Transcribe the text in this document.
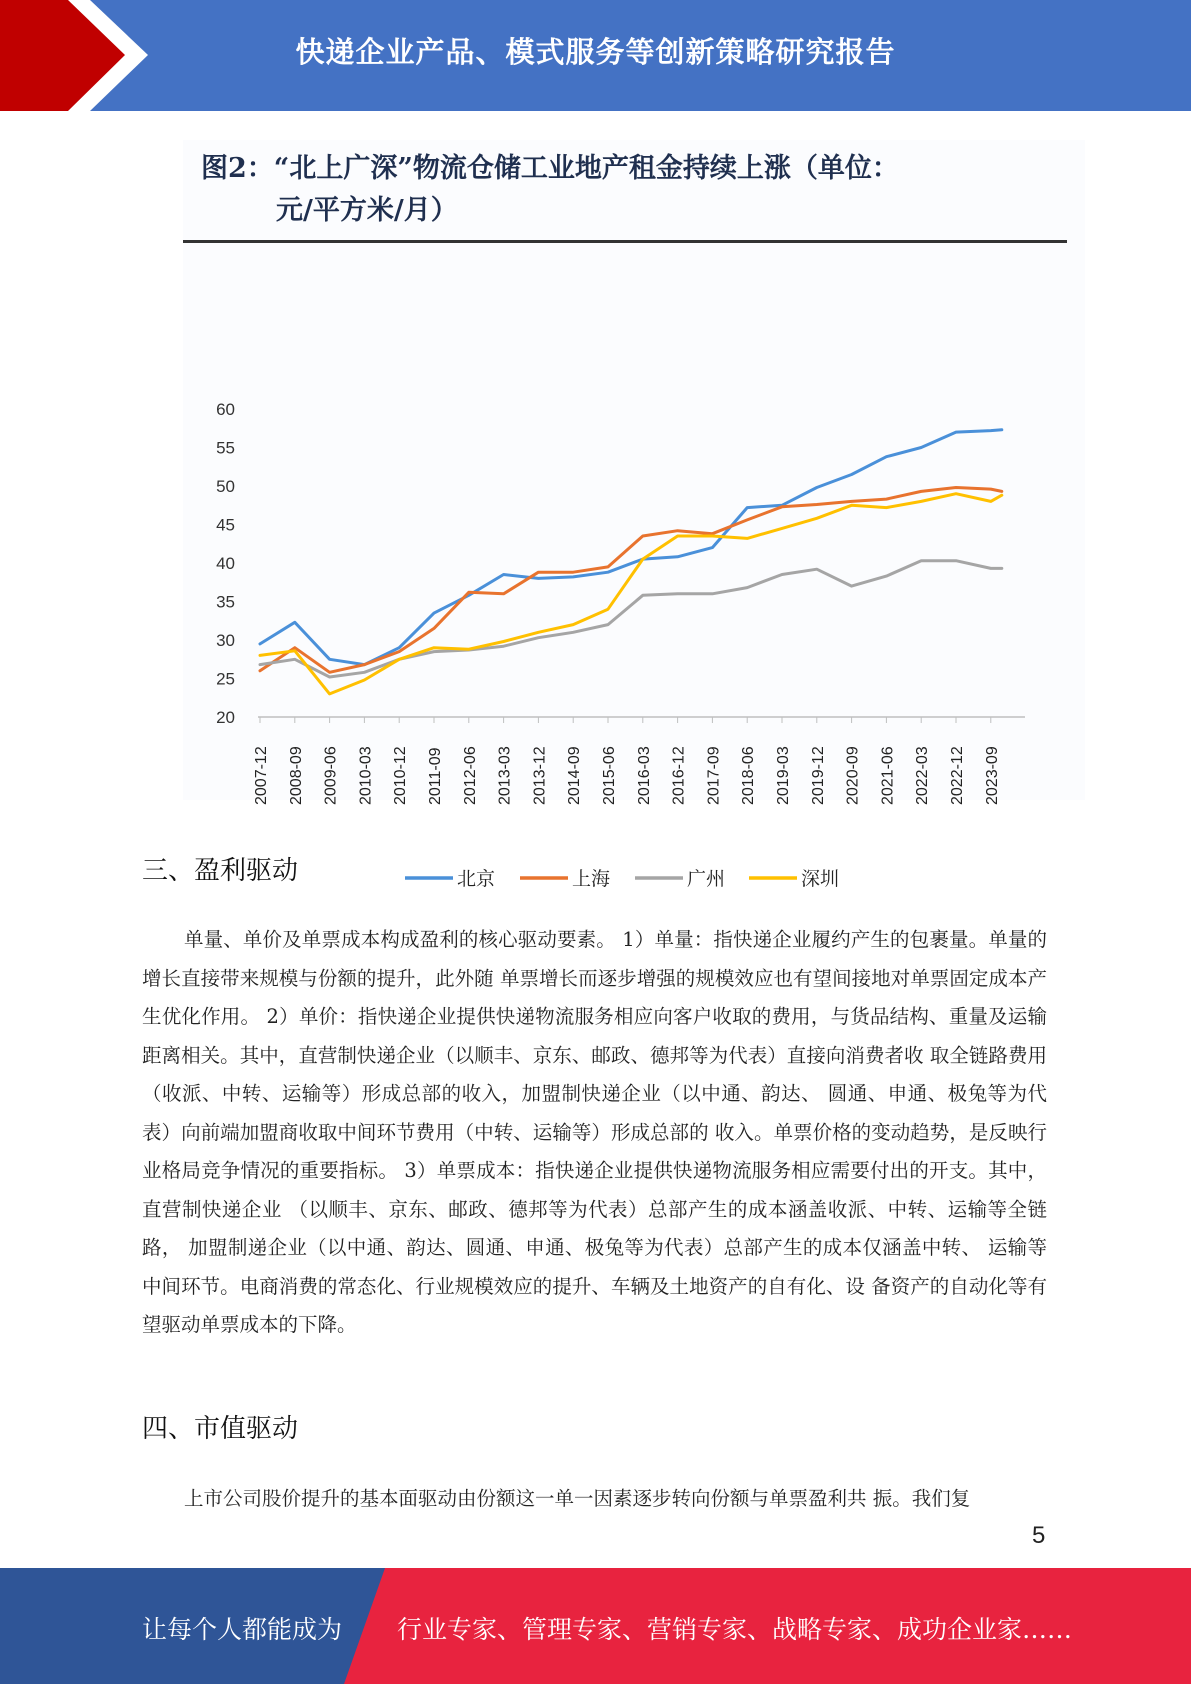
快递企业产品、模式服务等创新策略研究报告
图2：“北上广深”物流仓储工业地产租金持续上涨（单位：
元/平方米/月）
20
25
30
35
40
45
50
55
60
2007-12 2008-09 2009-06 2010-03 2010-12 2011-09 2012-06 2013-03 2013-12 2014-09 2015-06 2016-03 2016-12 2017-09 2018-06 2019-03 2019-12 2020-09 2021-06 2022-03 2022-12 2023-09
北京	上海	广州	深圳
三、盈利驱动
单量、单价及单票成本构成盈利的核心驱动要素。 1）单量：指快递企业履约产生的包裹量。单量的增长直接带来规模与份额的提升，此外随 单票增长而逐步增强的规模效应也有望间接地对单票固定成本产生优化作用。 2）单价：指快递企业提供快递物流服务相应向客户收取的费用，与货品结构、重量及运输距离相关。其中，直营制快递企业（以顺丰、京东、邮政、德邦等为代表）直接向消费者收 取全链路费用（收派、中转、运输等）形成总部的收入，加盟制快递企业（以中通、韵达、 圆通、申通、极兔等为代表）向前端加盟商收取中间环节费用（中转、运输等）形成总部的 收入。单票价格的变动趋势，是反映行业格局竞争情况的重要指标。 3）单票成本：指快递企业提供快递物流服务相应需要付出的开支。其中，直营制快递企业 （以顺丰、京东、邮政、德邦等为代表）总部产生的成本涵盖收派、中转、运输等全链路， 加盟制递企业（以中通、韵达、圆通、申通、极兔等为代表）总部产生的成本仅涵盖中转、 运输等中间环节。电商消费的常态化、行业规模效应的提升、车辆及土地资产的自有化、设 备资产的自动化等有望驱动单票成本的下降。
四、市值驱动
上市公司股价提升的基本面驱动由份额这一单一因素逐步转向份额与单票盈利共 振。我们复
5
让每个人都能成为 行业专家、管理专家、营销专家、战略专家、成功企业家……
